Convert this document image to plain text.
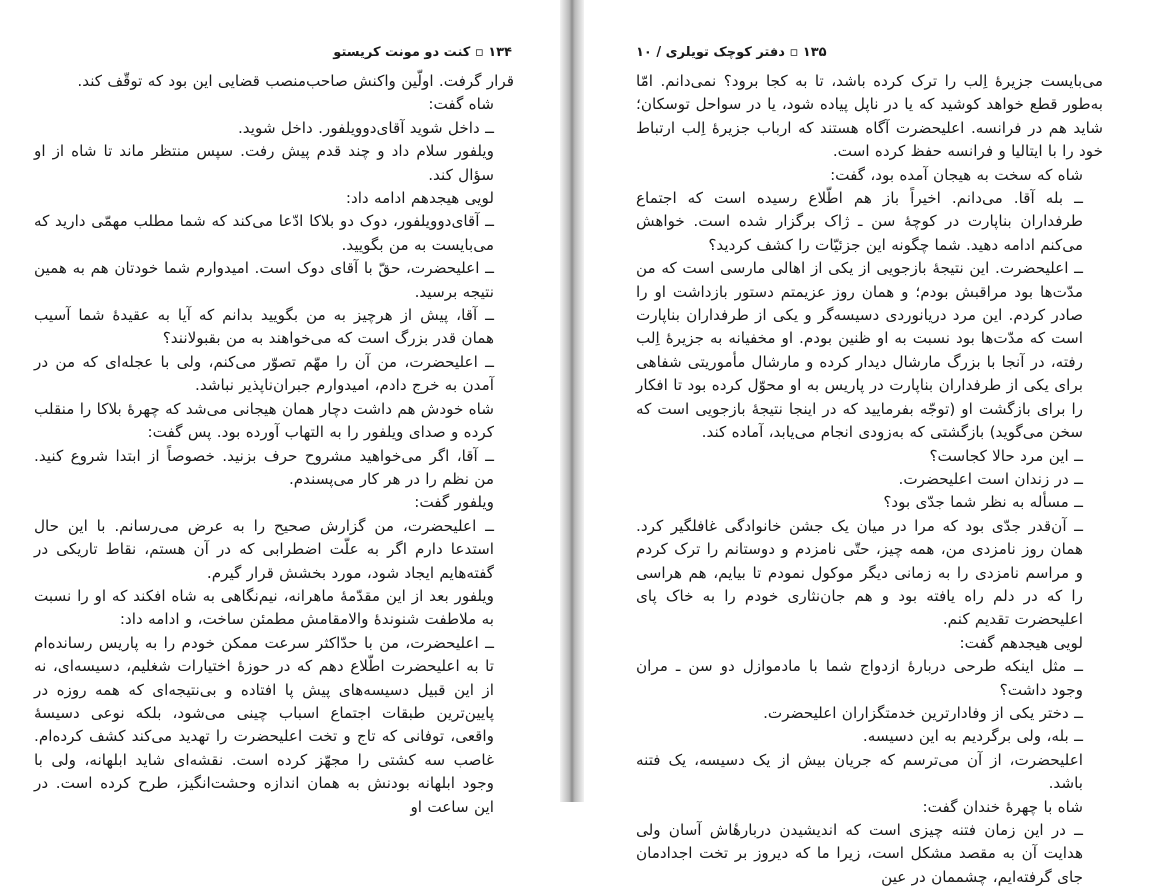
۱۳۴ ▫ کنت دو مونت کریستو

قرار گرفت. اولّین واکنش صاحب‌منصب قضایی این بود که توقّف کند.

شاه گفت:

ــ داخل شوید آقای‌دوویلفور. داخل شوید.

ویلفور سلام داد و چند قدم پیش رفت. سپس منتظر ماند تا شاه از او سؤال کند.

لویی هیجدهم ادامه داد:

ــ آقای‌دوویلفور، دوک دو بلاکا ادّعا می‌کند که شما مطلب مهمّی دارید که می‌بایست به من بگویید.

ــ اعلیحضرت، حقّ با آقای دوک است. امیدوارم شما خودتان هم به همین نتیجه برسید.

ــ آقا، پیش از هرچیز به من بگویید بدانم که آیا به عقیدهٔ شما آسیب همان قدر بزرگ است که می‌خواهند به من بقبولانند؟

ــ اعلیحضرت، من آن را مهّم تصوّر می‌کنم، ولی با عجله‌ای که من در آمدن به خرج دادم، امیدوارم جبران‌ناپذیر نباشد.

شاه خودش هم داشت دچار همان هیجانی می‌شد که چهرهٔ بلاکا را منقلب کرده و صدای ویلفور را به التهاب آورده بود. پس گفت:

ــ آقا، اگر می‌خواهید مشروح حرف بزنید. خصوصاً از ابتدا شروع کنید. من نظم را در هر کار می‌پسندم.

ویلفور گفت:

ــ اعلیحضرت، من گزارش صحیح را به عرض می‌رسانم. با این حال استدعا دارم اگر به علّت اضطرابی که در آن هستم، نقاط تاریکی در گفته‌هایم ایجاد شود، مورد بخشش قرار گیرم.

ویلفور بعد از این مقدّمهٔ ماهرانه، نیم‌نگاهی به شاه افکند که او را نسبت به ملاطفت شنوندهٔ والامقامش مطمئن ساخت، و ادامه داد:

ــ اعلیحضرت، من با حدّاکثر سرعت ممکن خودم را به پاریس رسانده‌ام تا به اعلیحضرت اطّلاع دهم که در حوزهٔ اختیارات شغلیم، دسیسه‌ای، نه از این قبیل دسیسه‌های پیش پا افتاده و بی‌نتیجه‌ای که همه روزه در پایین‌ترین طبقات اجتماع اسباب چینی می‌شود، بلکه نوعی دسیسهٔ واقعی، توفانی که تاج و تخت اعلیحضرت را تهدید می‌کند کشف کرده‌ام. غاصب سه کشتی را مجهّز کرده است. نقشه‌ای شاید ابلهانه، ولی با وجود ابلهانه بودنش به همان اندازه وحشت‌انگیز، طرح کرده است. در این ساعت او

۱۳۵ ▫ دفتر کوچک تویلری / ۱۰

می‌بایست جزیرهٔ اِلب را ترک کرده باشد، تا به کجا برود؟ نمی‌دانم. امّا به‌طور قطع خواهد کوشید که یا در ناپل پیاده شود، یا در سواحل توسکان؛ شاید هم در فرانسه. اعلیحضرت آگاه هستند که ارباب جزیرهٔ اِلب ارتباط خود را با ایتالیا و فرانسه حفظ کرده است.

شاه که سخت به هیجان آمده بود، گفت:

ــ بله آقا. می‌دانم. اخیراً باز هم اطّلاع رسیده است که اجتماع طرفداران بناپارت در کوچهٔ سن ـ ژاک برگزار شده است. خواهش می‌کنم ادامه دهید. شما چگونه این جزئیّات را کشف کردید؟

ــ اعلیحضرت. این نتیجهٔ بازجویی از یکی از اهالی مارسی است که من مدّت‌ها بود مراقبش بودم؛ و همان روز عزیمتم دستور بازداشت او را صادر کردم. این مرد دریانوردی دسیسه‌گر و یکی از طرفداران بناپارت است که مدّت‌ها بود نسبت به او ظنین بودم. او مخفیانه به جزیرهٔ اِلب رفته، در آنجا با بزرگ مارشال دیدار کرده و مارشال مأموریتی شفاهی برای یکی از طرفداران بناپارت در پاریس به او محوّل کرده بود تا افکار را برای بازگشت او (توجّه بفرمایید که در اینجا نتیجهٔ بازجویی است که سخن می‌گوید) بازگشتی که به‌زودی انجام می‌یابد، آماده کند.

ــ این مرد حالا کجاست؟

ــ در زندان است اعلیحضرت.

ــ مسأله به نظر شما جدّی بود؟

ــ آن‌قدر جدّی بود که مرا در میان یک جشن خانوادگی غافلگیر کرد. همان روز نامزدی من، همه چیز، حتّی نامزدم و دوستانم را ترک کردم و مراسم نامزدی را به زمانی دیگر موکول نمودم تا بیایم، هم هراسی را که در دلم راه یافته بود و هم جان‌نثاری خودم را به خاک پای اعلیحضرت تقدیم کنم.

لویی هیجدهم گفت:

ــ مثل اینکه طرحی دربارهٔ ازدواج شما با مادموازل دو سن ـ مران وجود داشت؟

ــ دختر یکی از وفادارترین خدمتگزاران اعلیحضرت.

ــ بله، ولی برگردیم به این دسیسه.

اعلیحضرت، از آن می‌ترسم که جریان بیش از یک دسیسه، یک فتنه باشد.

شاه با چهرهٔ خندان گفت:

ــ در این زمان فتنه چیزی است که اندیشیدن دربارهٔاش آسان ولی هدایت آن به مقصد مشکل است، زیرا ما که دیروز بر تخت اجدادمان جای گرفته‌ایم، چشممان در عین
